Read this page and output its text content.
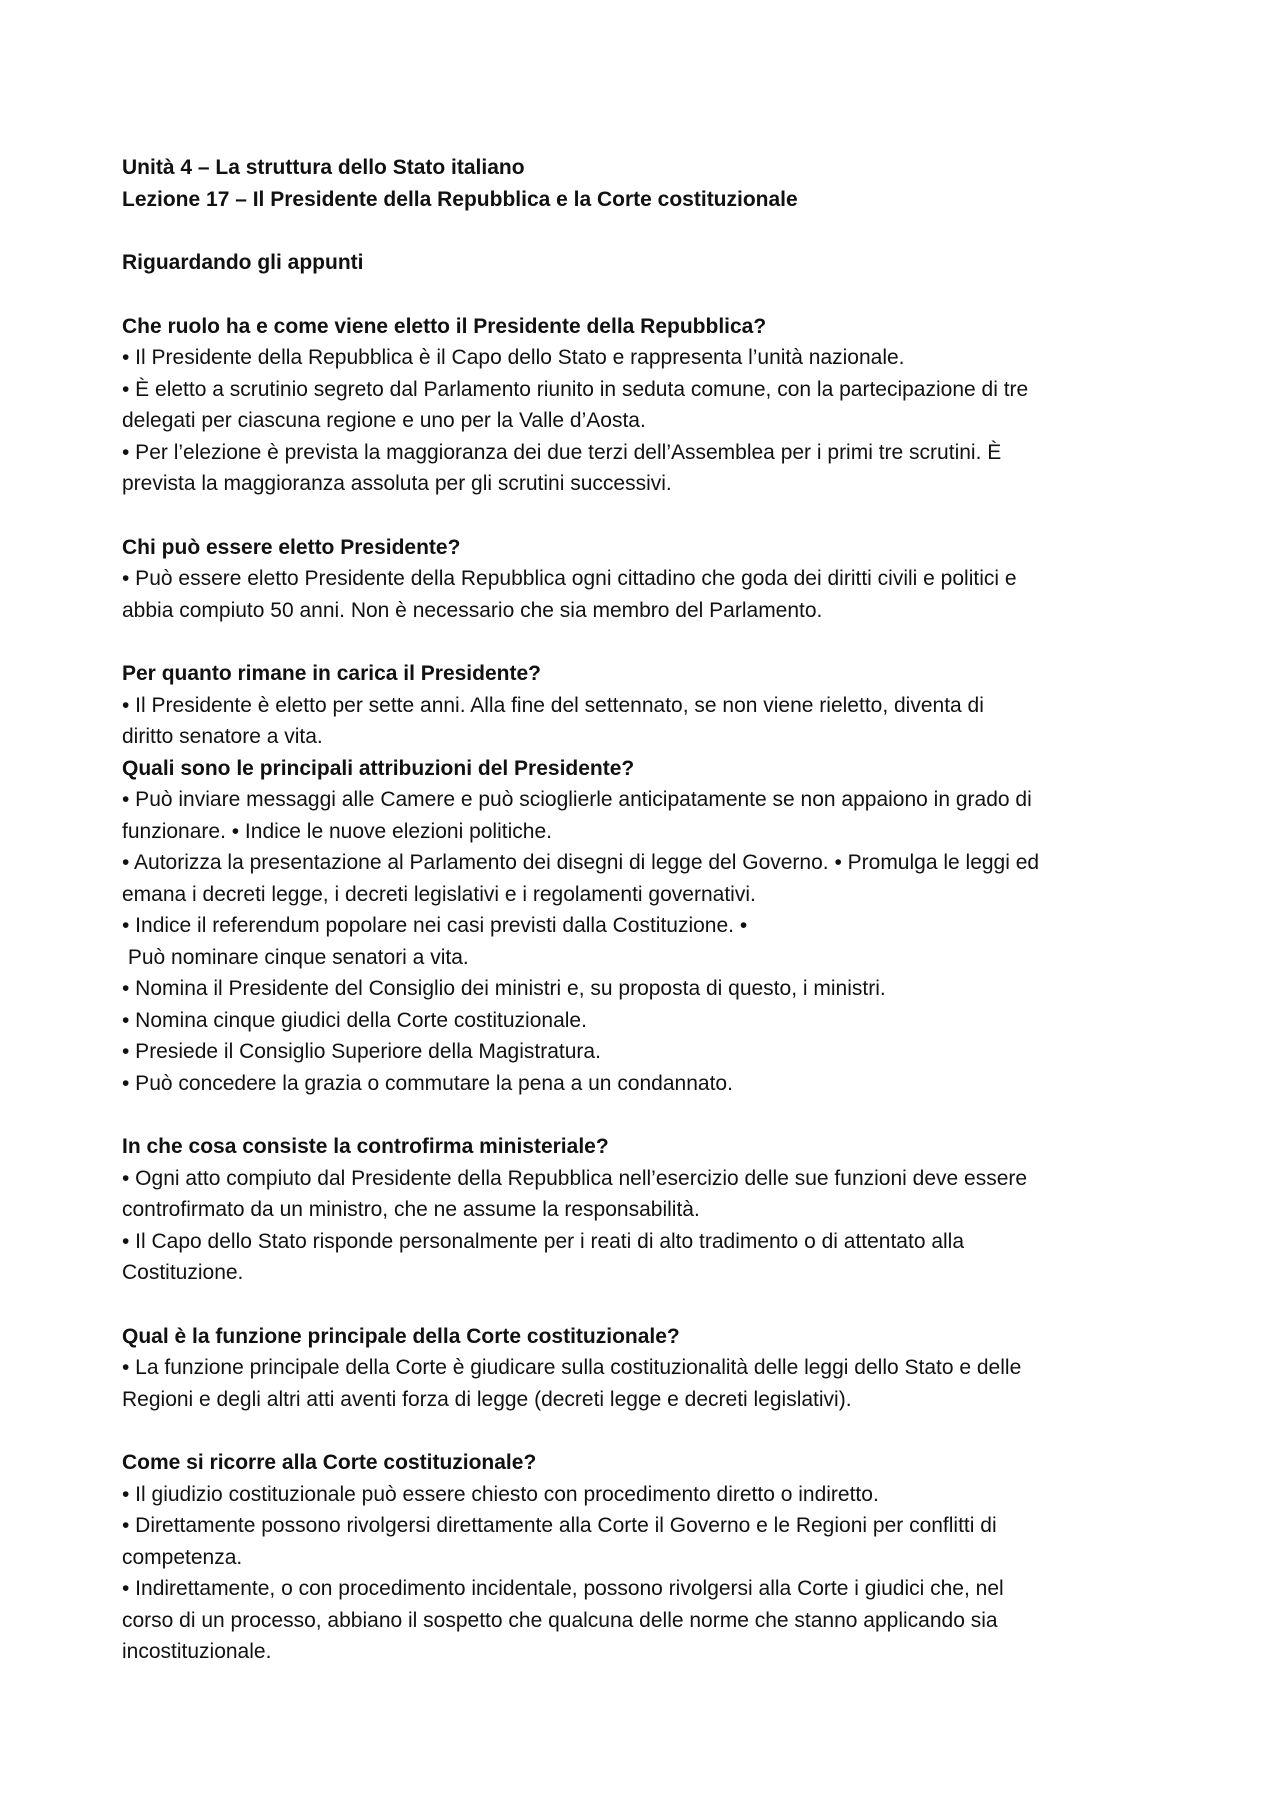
Unità 4 – La struttura dello Stato italiano

Lezione 17 – Il Presidente della Repubblica e la Corte costituzionale

Riguardando gli appunti

Che ruolo ha e come viene eletto il Presidente della Repubblica?

• Il Presidente della Repubblica è il Capo dello Stato e rappresenta l’unità nazionale.

• È eletto a scrutinio segreto dal Parlamento riunito in seduta comune, con la partecipazione di tre

delegati per ciascuna regione e uno per la Valle d’Aosta.

• Per l’elezione è prevista la maggioranza dei due terzi dell’Assemblea per i primi tre scrutini. È

prevista la maggioranza assoluta per gli scrutini successivi.

Chi può essere eletto Presidente?

• Può essere eletto Presidente della Repubblica ogni cittadino che goda dei diritti civili e politici e

abbia compiuto 50 anni. Non è necessario che sia membro del Parlamento.

Per quanto rimane in carica il Presidente?

• Il Presidente è eletto per sette anni. Alla fine del settennato, se non viene rieletto, diventa di

diritto senatore a vita.

Quali sono le principali attribuzioni del Presidente?

• Può inviare messaggi alle Camere e può scioglierle anticipatamente se non appaiono in grado di

funzionare. • Indice le nuove elezioni politiche.

• Autorizza la presentazione al Parlamento dei disegni di legge del Governo. • Promulga le leggi ed

emana i decreti legge, i decreti legislativi e i regolamenti governativi.

• Indice il referendum popolare nei casi previsti dalla Costituzione. •

Può nominare cinque senatori a vita.

• Nomina il Presidente del Consiglio dei ministri e, su proposta di questo, i ministri.

• Nomina cinque giudici della Corte costituzionale.

• Presiede il Consiglio Superiore della Magistratura.

• Può concedere la grazia o commutare la pena a un condannato.

In che cosa consiste la controfirma ministeriale?

• Ogni atto compiuto dal Presidente della Repubblica nell’esercizio delle sue funzioni deve essere

controfirmato da un ministro, che ne assume la responsabilità.

• Il Capo dello Stato risponde personalmente per i reati di alto tradimento o di attentato alla

Costituzione.

Qual è la funzione principale della Corte costituzionale?

• La funzione principale della Corte è giudicare sulla costituzionalità delle leggi dello Stato e delle

Regioni e degli altri atti aventi forza di legge (decreti legge e decreti legislativi).

Come si ricorre alla Corte costituzionale?

• Il giudizio costituzionale può essere chiesto con procedimento diretto o indiretto.

• Direttamente possono rivolgersi direttamente alla Corte il Governo e le Regioni per conflitti di

competenza.

• Indirettamente, o con procedimento incidentale, possono rivolgersi alla Corte i giudici che, nel

corso di un processo, abbiano il sospetto che qualcuna delle norme che stanno applicando sia

incostituzionale.
